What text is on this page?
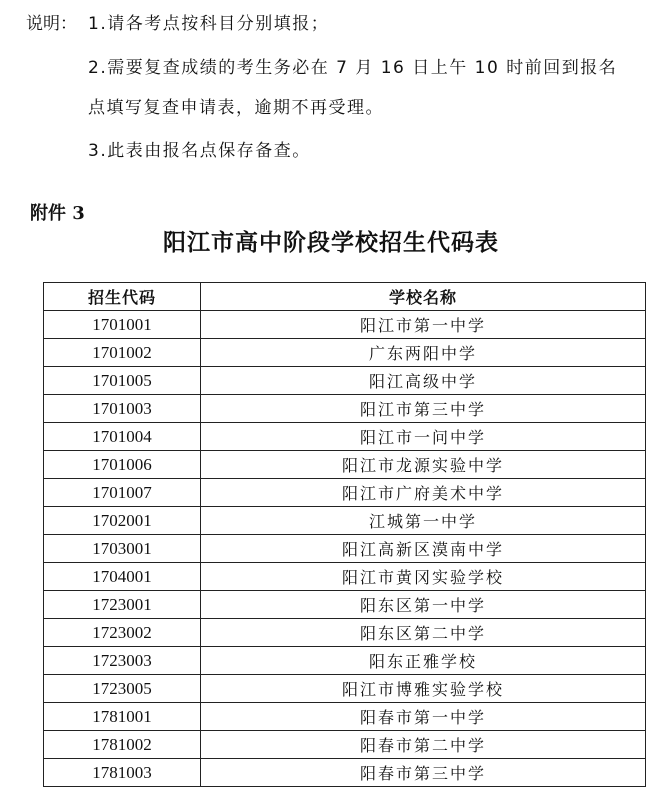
说明： 1.请各考点按科目分别填报；
2.需要复查成绩的考生务必在 7 月 16 日上午 10 时前回到报名
点填写复查申请表，逾期不再受理。
3.此表由报名点保存备查。
附件 3
阳江市高中阶段学校招生代码表
招生代码	学校名称
1701001	阳江市第一中学
1701002	广东两阳中学
1701005	阳江高级中学
1701003	阳江市第三中学
1701004	阳江市一问中学
1701006	阳江市龙源实验中学
1701007	阳江市广府美术中学
1702001	江城第一中学
1703001	阳江高新区漠南中学
1704001	阳江市黄冈实验学校
1723001	阳东区第一中学
1723002	阳东区第二中学
1723003	阳东正雅学校
1723005	阳江市博雅实验学校
1781001	阳春市第一中学
1781002	阳春市第二中学
1781003	阳春市第三中学
